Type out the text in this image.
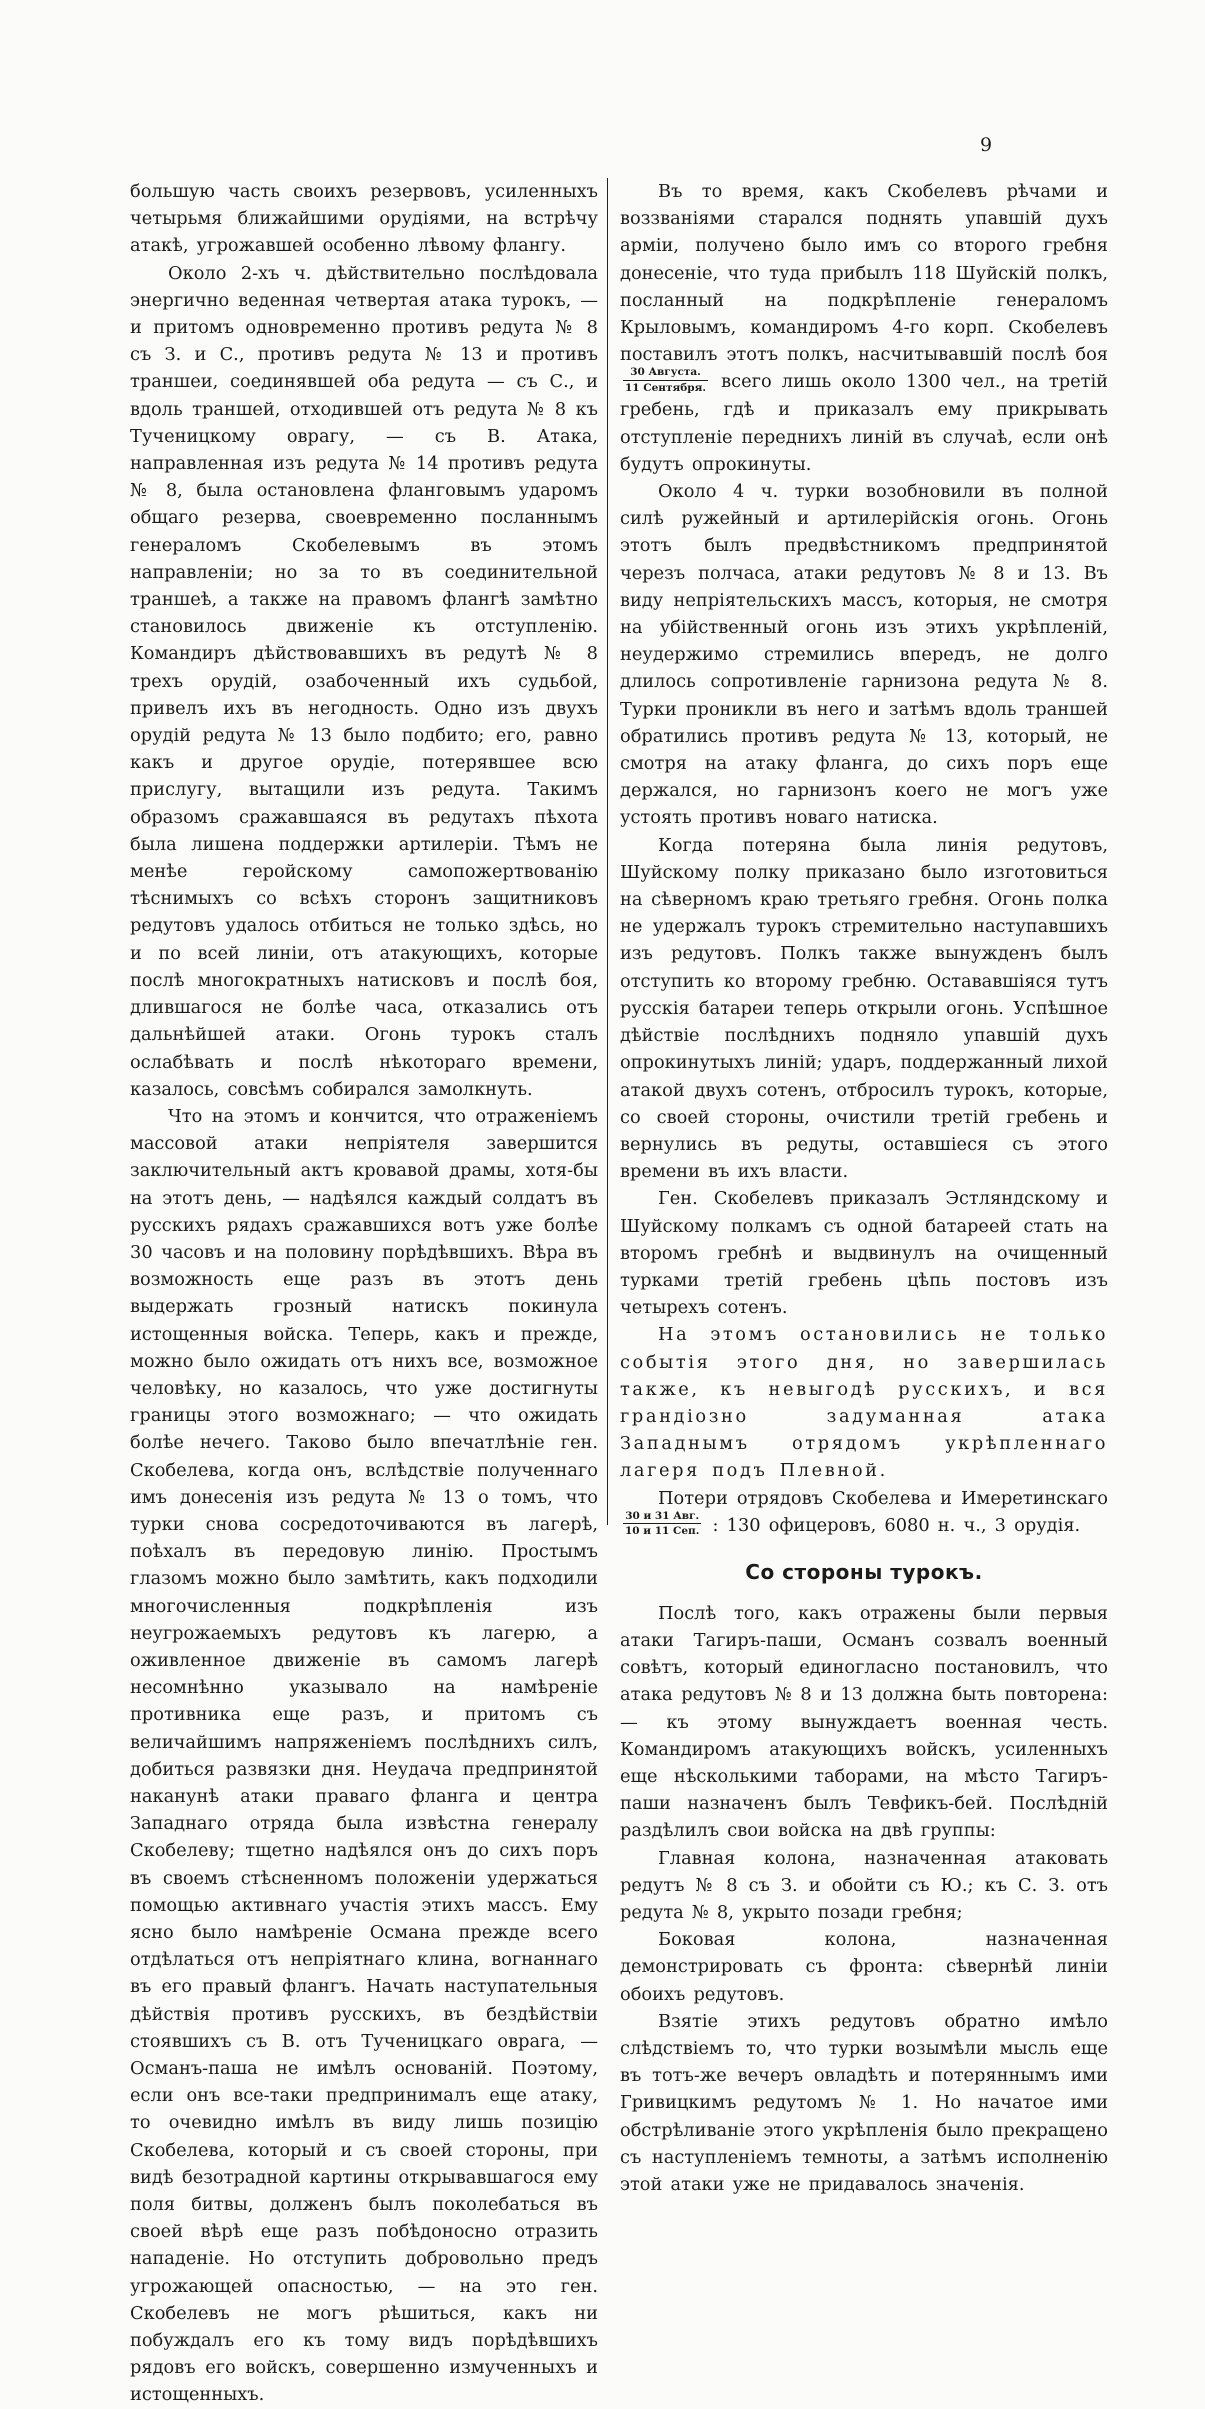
9

большую часть своихъ резервовъ, усиленныхъ четырьмя ближайшими орудіями, на встрѣчу атакѣ, угрожавшей особенно лѣвому флангу.

Около 2-хъ ч. дѣйствительно послѣдовала энергично веденная четвертая атака турокъ, — и притомъ одновременно противъ редута № 8 съ З. и С., противъ редута № 13 и противъ траншеи, соединявшей оба редута — съ С., и вдоль траншей, отходившей отъ редута № 8 къ Тученицкому оврагу, — съ В. Атака, направленная изъ редута № 14 противъ редута № 8, была остановлена фланговымъ ударомъ общаго резерва, своевременно посланнымъ генераломъ Скобелевымъ въ этомъ направленіи; но за то въ соединительной траншеѣ, а также на правомъ флангѣ замѣтно становилось движеніе къ отступленію. Командиръ дѣйствовавшихъ въ редутѣ № 8 трехъ орудій, озабоченный ихъ судьбой, привелъ ихъ въ негодность. Одно изъ двухъ орудій редута № 13 было подбито; его, равно какъ и другое орудіе, потерявшее всю прислугу, вытащили изъ редута. Такимъ образомъ сражавшаяся въ редутахъ пѣхота была лишена поддержки артилеріи. Тѣмъ не менѣе геройскому самопожертвованію тѣснимыхъ со всѣхъ сторонъ защитниковъ редутовъ удалось отбиться не только здѣсь, но и по всей линіи, отъ атакующихъ, которые послѣ многократныхъ натисковъ и послѣ боя, длившагося не болѣе часа, отказались отъ дальнѣйшей атаки. Огонь турокъ сталъ ослабѣвать и послѣ нѣкотораго времени, казалось, совсѣмъ собирался замолкнуть.

Что на этомъ и кончится, что отраженіемъ массовой атаки непріятеля завершится заключительный актъ кровавой драмы, хотя-бы на этотъ день, — надѣялся каждый солдатъ въ русскихъ рядахъ сражавшихся вотъ уже болѣе 30 часовъ и на половину порѣдѣвшихъ. Вѣра въ возможность еще разъ въ этотъ день выдержать грозный натискъ покинула истощенныя войска. Теперь, какъ и прежде, можно было ожидать отъ нихъ все, возможное человѣку, но казалось, что уже достигнуты границы этого возможнаго; — что ожидать болѣе нечего. Таково было впечатлѣніе ген. Скобелева, когда онъ, вслѣдствіе полученнаго имъ донесенія изъ редута № 13 о томъ, что турки снова сосредоточиваются въ лагерѣ, поѣхалъ въ передовую линію. Простымъ глазомъ можно было замѣтить, какъ подходили многочисленныя подкрѣпленія изъ неугрожаемыхъ редутовъ къ лагерю, а оживленное движеніе въ самомъ лагерѣ несомнѣнно указывало на намѣреніе противника еще разъ, и притомъ съ величайшимъ напряженіемъ послѣднихъ силъ, добиться развязки дня. Неудача предпринятой наканунѣ атаки праваго фланга и центра Западнаго отряда была извѣстна генералу Скобелеву; тщетно надѣялся онъ до сихъ поръ въ своемъ стѣсненномъ положеніи удержаться помощью активнаго участія этихъ массъ. Ему ясно было намѣреніе Османа прежде всего отдѣлаться отъ непріятнаго клина, вогнаннаго въ его правый флангъ. Начать наступательныя дѣйствія противъ русскихъ, въ бездѣйствіи стоявшихъ съ В. отъ Тученицкаго оврага, — Османъ-паша не имѣлъ основаній. Поэтому, если онъ все-таки предпринималъ еще атаку, то очевидно имѣлъ въ виду лишь позицію Скобелева, который и съ своей стороны, при видѣ безотрадной картины открывавшагося ему поля битвы, долженъ былъ поколебаться въ своей вѣрѣ еще разъ побѣдоносно отразить нападеніе. Но отступить добровольно предъ угрожающей опасностью, — на это ген. Скобелевъ не могъ рѣшиться, какъ ни побуждалъ его къ тому видъ порѣдѣвшихъ рядовъ его войскъ, совершенно измученныхъ и истощенныхъ.

Въ то время, какъ Скобелевъ рѣчами и воззваніями старался поднять упавшій духъ арміи, получено было имъ со второго гребня донесеніе, что туда прибылъ 118 Шуйскій полкъ, посланный на подкрѣпленіе генераломъ Крыловымъ, командиромъ 4-го корп. Скобелевъ поставилъ этотъ полкъ, насчитывавшій послѣ боя
$\frac{\text{30 Августа.}}{\text{11 Сентября.}}$ всего лишь около 1300 чел., на третій гребень, гдѣ и приказалъ ему прикрывать отступленіе переднихъ линій въ случаѣ, если онѣ будутъ опрокинуты.

Около 4 ч. турки возобновили въ полной силѣ ружейный и артилерійскія огонь. Огонь этотъ былъ предвѣстникомъ предпринятой черезъ полчаса, атаки редутовъ № 8 и 13. Въ виду непріятельскихъ массъ, которыя, не смотря на убійственный огонь изъ этихъ укрѣпленій, неудержимо стремились впередъ, не долго длилось сопротивленіе гарнизона редута № 8. Турки проникли въ него и затѣмъ вдоль траншей обратились противъ редута № 13, который, не смотря на атаку фланга, до сихъ поръ еще держался, но гарнизонъ коего не могъ уже устоять противъ новаго натиска.

Когда потеряна была линія редутовъ, Шуйскому полку приказано было изготовиться на сѣверномъ краю третьяго гребня. Огонь полка не удержалъ турокъ стремительно наступавшихъ изъ редутовъ. Полкъ также вынужденъ былъ отступить ко второму гребню. Остававшіяся тутъ русскія батареи теперь открыли огонь. Успѣшное дѣйствіе послѣднихъ подняло упавшій духъ опрокинутыхъ линій; ударъ, поддержанный лихой атакой двухъ сотенъ, отбросилъ турокъ, которые, со своей стороны, очистили третій гребень и вернулись въ редуты, оставшіеся съ этого времени въ ихъ власти.

Ген. Скобелевъ приказалъ Эстляндскому и Шуйскому полкамъ съ одной батареей стать на второмъ гребнѣ и выдвинулъ на очищенный турками третій гребень цѣпь постовъ изъ четырехъ сотенъ.

На этомъ остановились не только событія этого дня, но завершилась также, къ невыгодѣ русскихъ, и вся грандіозно задуманная атака Западнымъ отрядомъ укрѣпленнаго лагеря подъ Плевной.

Потери отрядовъ Скобелева и Имеретинскаго
$\frac{\text{30 и 31 Авг.}}{\text{10 и 11 Сеп.}}$ : 130 офицеровъ, 6080 н. ч., 3 орудія.

Со стороны турокъ.

Послѣ того, какъ отражены были первыя атаки Тагиръ-паши, Османъ созвалъ военный совѣтъ, который единогласно постановилъ, что атака редутовъ № 8 и 13 должна быть повторена: — къ этому вынуждаетъ военная честь. Командиромъ атакующихъ войскъ, усиленныхъ еще нѣсколькими таборами, на мѣсто Тагиръ-паши назначенъ былъ Тевфикъ-бей. Послѣдній раздѣлилъ свои войска на двѣ группы:

Главная колона, назначенная атаковать редутъ № 8 съ З. и обойти съ Ю.; къ С. З. отъ редута № 8, укрыто позади гребня;

Боковая колона, назначенная демонстрировать съ фронта: сѣвернѣй линіи обоихъ редутовъ.

Взятіе этихъ редутовъ обратно имѣло слѣдствіемъ то, что турки возымѣли мысль еще въ тотъ-же вечеръ овладѣть и потеряннымъ ими Гривицкимъ редутомъ № 1. Но начатое ими обстрѣливаніе этого укрѣпленія было прекращено съ наступленіемъ темноты, а затѣмъ исполненію этой атаки уже не придавалось значенія.
